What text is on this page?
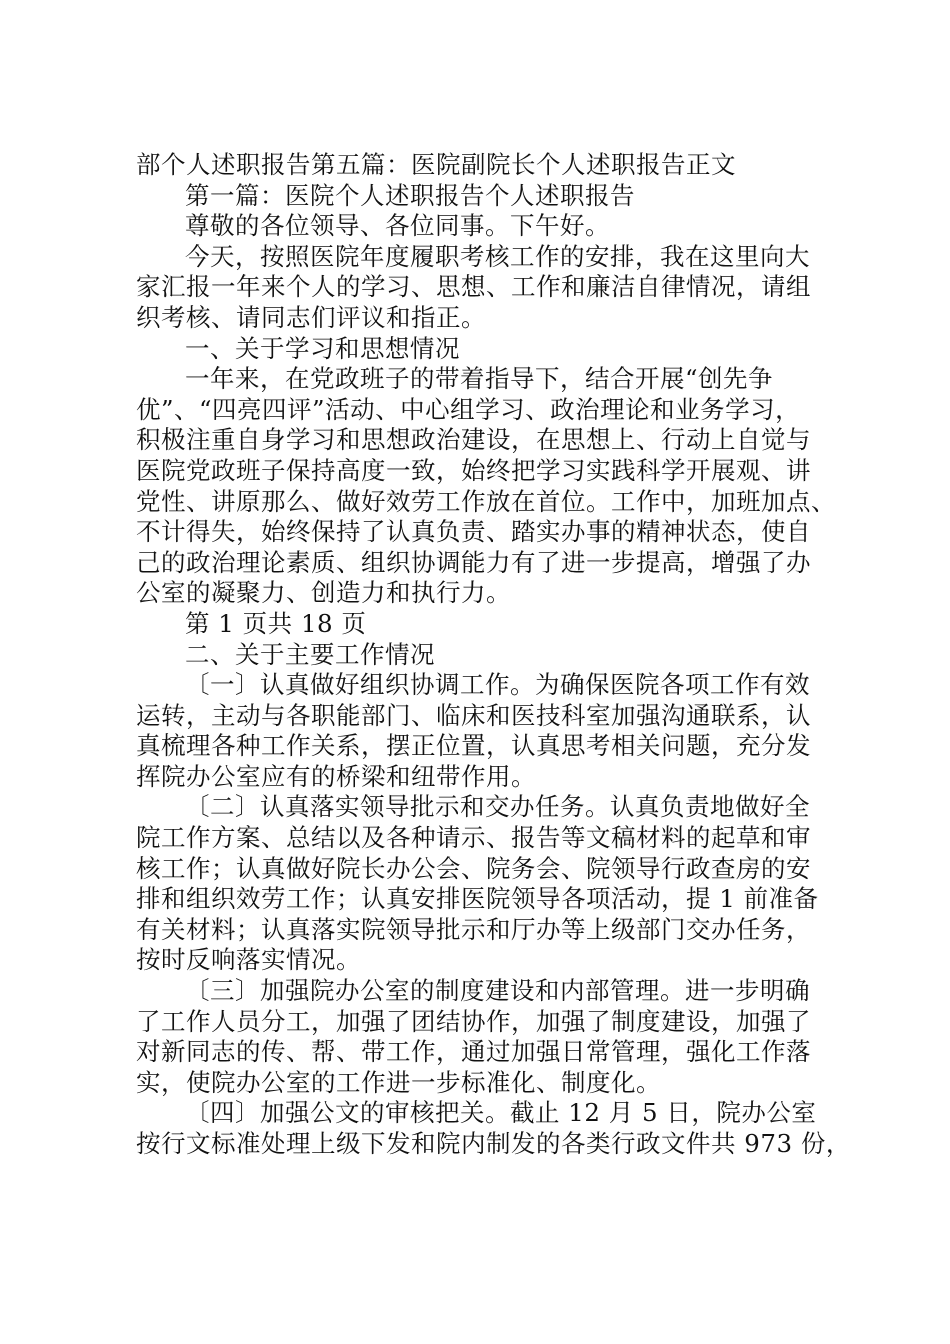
部个人述职报告第五篇：医院副院长个人述职报告正文
第一篇：医院个人述职报告个人述职报告
尊敬的各位领导、各位同事。下午好。
今天，按照医院年度履职考核工作的安排，我在这里向大
家汇报一年来个人的学习、思想、工作和廉洁自律情况，请组
织考核、请同志们评议和指正。
一、关于学习和思想情况
一年来，在党政班子的带着指导下，结合开展“创先争
优”、“四亮四评”活动、中心组学习、政治理论和业务学习，
积极注重自身学习和思想政治建设，在思想上、行动上自觉与
医院党政班子保持高度一致，始终把学习实践科学开展观、讲
党性、讲原那么、做好效劳工作放在首位。工作中，加班加点、
不计得失，始终保持了认真负责、踏实办事的精神状态，使自
己的政治理论素质、组织协调能力有了进一步提高，增强了办
公室的凝聚力、创造力和执行力。
第 1 页共 18 页
二、关于主要工作情况
〔一〕认真做好组织协调工作。为确保医院各项工作有效
运转，主动与各职能部门、临床和医技科室加强沟通联系，认
真梳理各种工作关系，摆正位置，认真思考相关问题，充分发
挥院办公室应有的桥梁和纽带作用。
〔二〕认真落实领导批示和交办任务。认真负责地做好全
院工作方案、总结以及各种请示、报告等文稿材料的起草和审
核工作；认真做好院长办公会、院务会、院领导行政查房的安
排和组织效劳工作；认真安排医院领导各项活动，提 1 前准备
有关材料；认真落实院领导批示和厅办等上级部门交办任务，
按时反响落实情况。
〔三〕加强院办公室的制度建设和内部管理。进一步明确
了工作人员分工，加强了团结协作，加强了制度建设，加强了
对新同志的传、帮、带工作，通过加强日常管理，强化工作落
实，使院办公室的工作进一步标准化、制度化。
〔四〕加强公文的审核把关。截止 12 月 5 日，院办公室
按行文标准处理上级下发和院内制发的各类行政文件共 973 份，
